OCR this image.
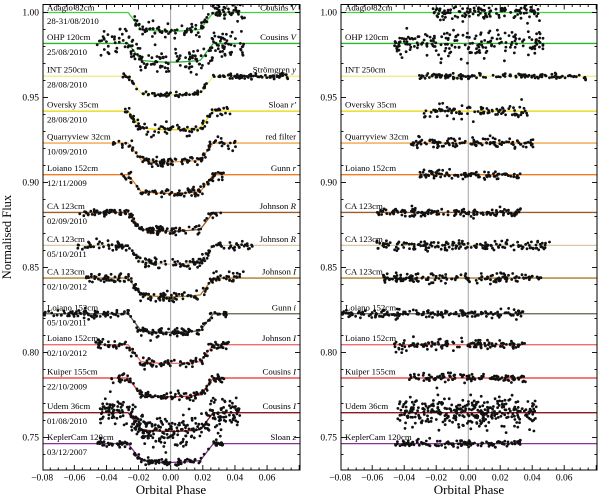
Adagio 82cm
28-31/08/2010
Cousins V
OHP 120cm
25/08/2010
Cousins V
INT 250cm
28/08/2010
Strömgren y
Oversky 35cm
28/08/2010
Sloan r'
Quarryview 32cm
10/09/2010
red filter
Loiano 152cm
12/11/2009
Gunn r
CA 123cm
02/09/2010
Johnson R
CA 123cm
05/10/2011
Johnson R
CA 123cm
02/10/2012
Johnson I
Loiano 152cm
05/10/2011
Gunn i
Loiano 152cm
02/10/2012
Johnson I
Kuiper 155cm
22/10/2009
Cousins I
Udem 36cm
01/08/2010
Cousins I
KeplerCam 120cm
03/12/2007
Sloan z
−0.08 −0.06 −0.04 −0.02 0.00 0.02 0.04 0.06
1.00
0.95
0.90
0.85
0.80
0.75
Adagio 82cm
OHP 120cm
INT 250cm
Oversky 35cm
Quarryview 32cm
Loiano 152cm
CA 123cm
CA 123cm
CA 123cm
Loiano 152cm
Loiano 152cm
Kuiper 155cm
Udem 36cm
KeplerCam 120cm
−0.08 −0.06 −0.04 −0.02 0.00 0.02 0.04 0.06
1.00
0.95
0.90
0.85
0.80
0.75
Orbital Phase	Orbital Phase
Normalised Flux
